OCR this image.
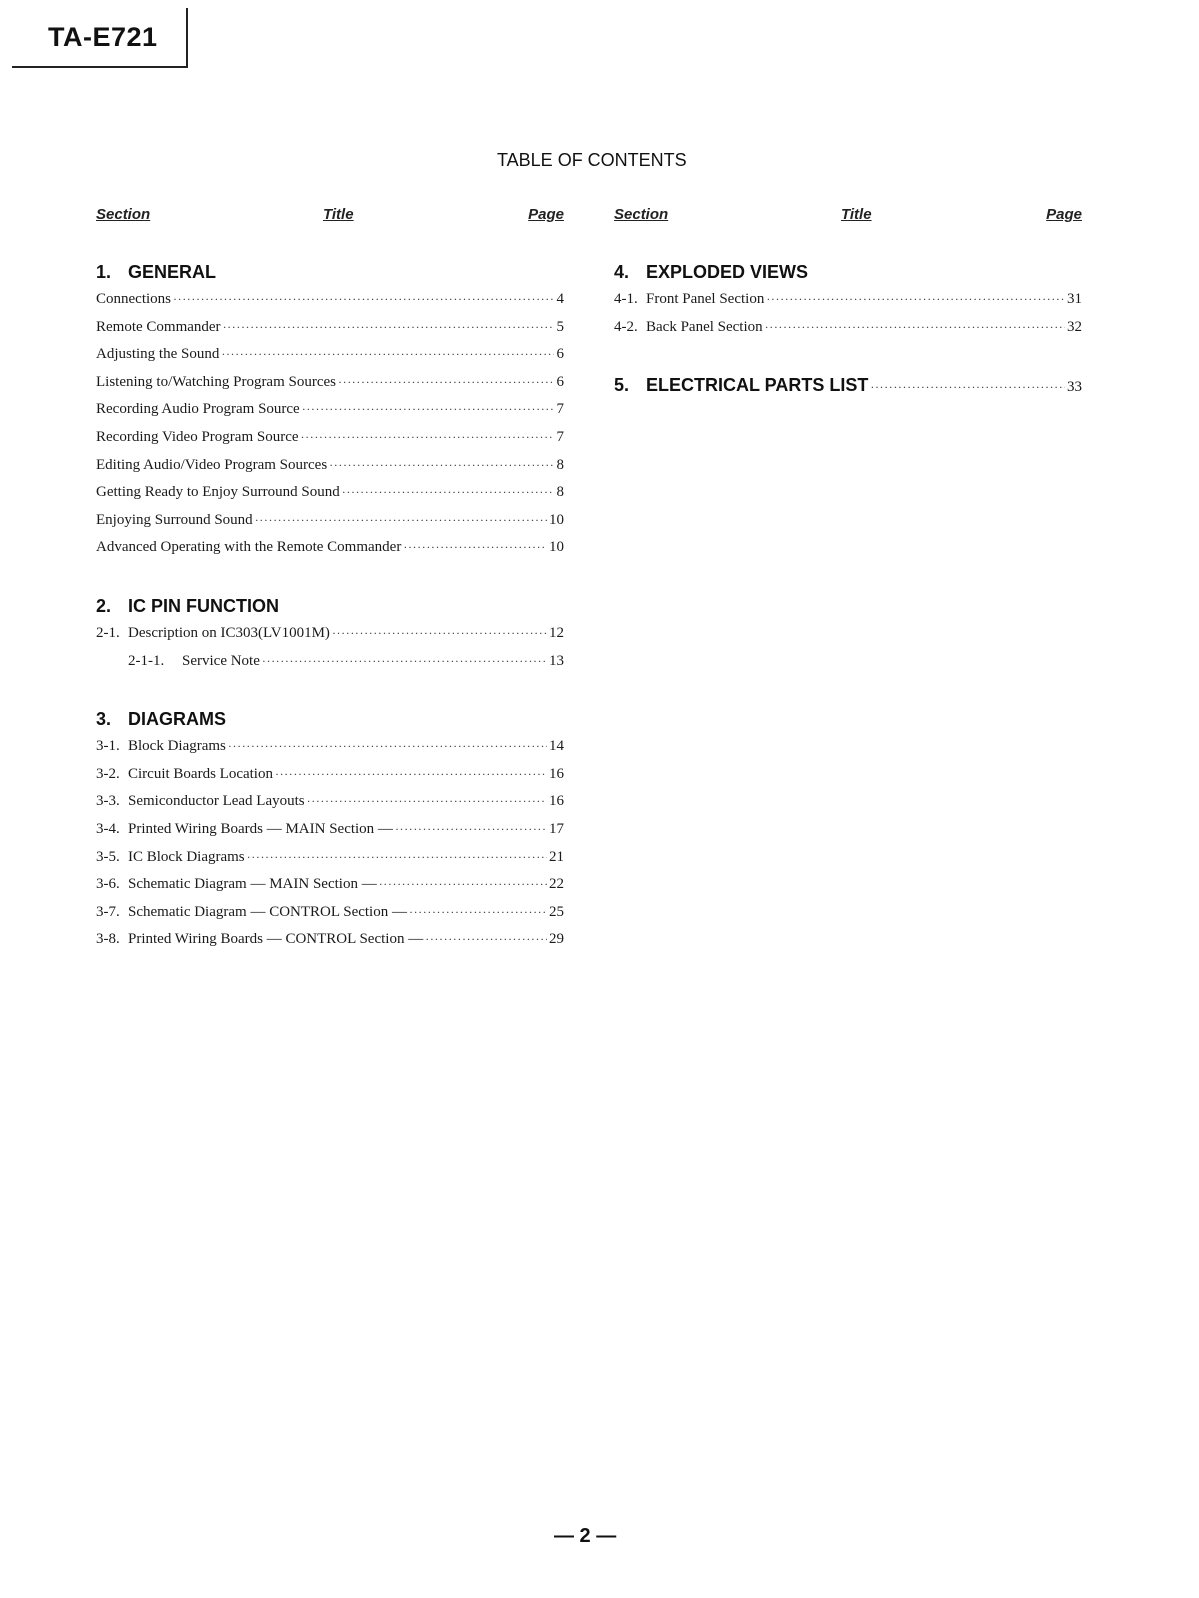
TA-E721
TABLE OF CONTENTS
Section	Title	Page
1. GENERAL
Connections ·····	4
Remote Commander ·····	5
Adjusting the Sound ·····	6
Listening to/Watching Program Sources ·····	6
Recording Audio Program Source ·····	7
Recording Video Program Source ·····	7
Editing Audio/Video Program Sources ·····	8
Getting Ready to Enjoy Surround Sound ·····	8
Enjoying Surround Sound ·····	10
Advanced Operating with the Remote Commander ·····	10
2. IC PIN FUNCTION
2-1. Description on IC303(LV1001M) ·····	12
2-1-1.	Service Note ·····	13
3. DIAGRAMS
3-1. Block Diagrams ·····	14
3-2. Circuit Boards Location ·····	16
3-3. Semiconductor Lead Layouts ·····	16
3-4. Printed Wiring Boards — MAIN Section — ·····	17
3-5. IC Block Diagrams ·····	21
3-6. Schematic Diagram — MAIN Section — ·····	22
3-7. Schematic Diagram — CONTROL Section — ·····	25
3-8. Printed Wiring Boards — CONTROL Section — ·····	29
Section	Title	Page
4. EXPLODED VIEWS
4-1. Front Panel Section ·····	31
4-2. Back Panel Section ·····	32
5. ELECTRICAL PARTS LIST ·····	33
— 2 —
